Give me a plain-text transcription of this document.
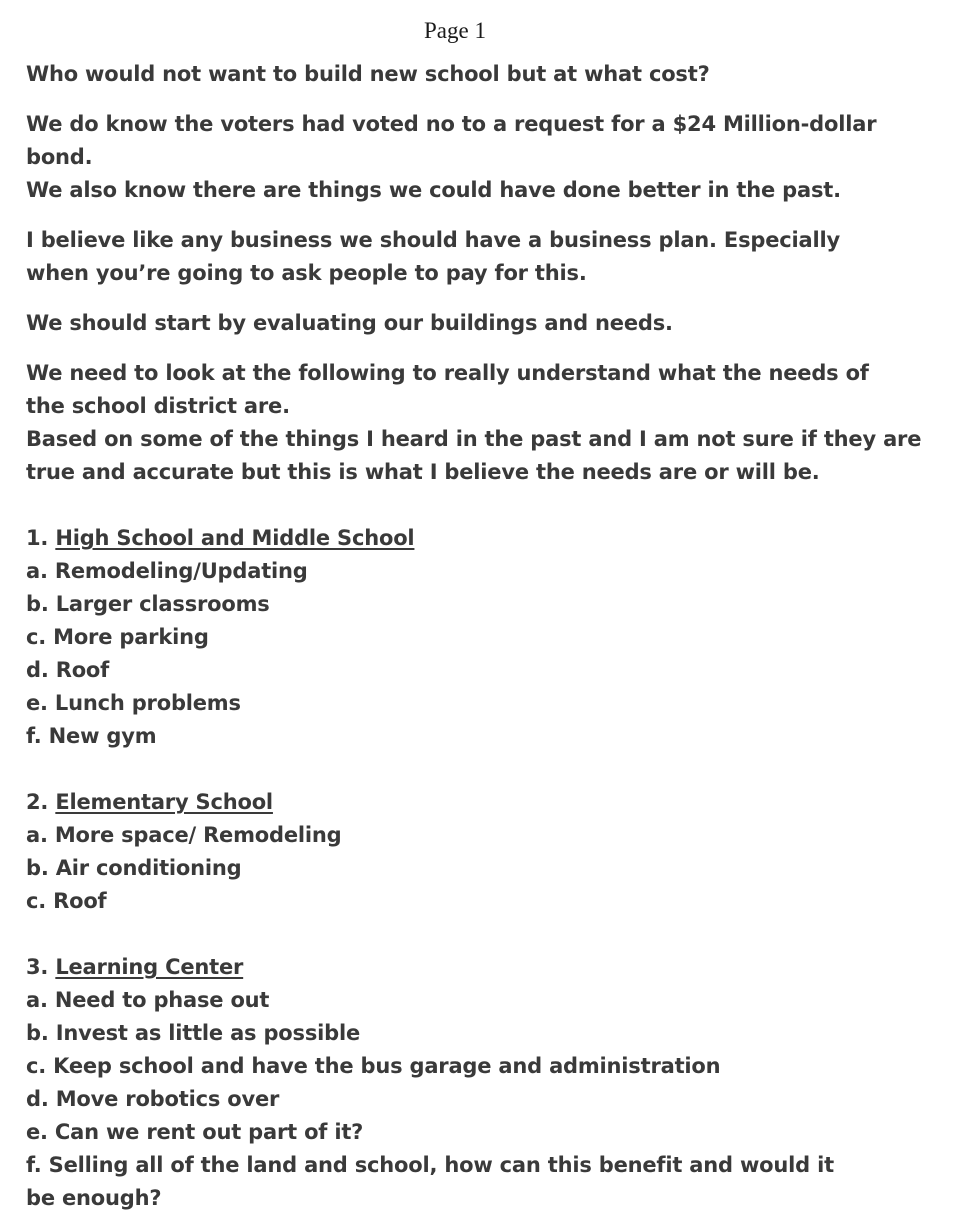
Page 1

Who would not want to build new school but at what cost?

We do know the voters had voted no to a request for a $24 Million-dollar bond.
We also know there are things we could have done better in the past.

I believe like any business we should have a business plan. Especially when you’re going to ask people to pay for this.

We should start by evaluating our buildings and needs.

We need to look at the following to really understand what the needs of the school district are.
Based on some of the things I heard in the past and I am not sure if they are true and accurate but this is what I believe the needs are or will be.

1. High School and Middle School
a. Remodeling/Updating
b. Larger classrooms
c. More parking
d. Roof
e. Lunch problems
f. New gym
2. Elementary School
a. More space/ Remodeling
b. Air conditioning
c. Roof
3. Learning Center
a. Need to phase out
b. Invest as little as possible
c. Keep school and have the bus garage and administration
d. Move robotics over
e. Can we rent out part of it?
f. Selling all of the land and school, how can this benefit and would it be enough?
